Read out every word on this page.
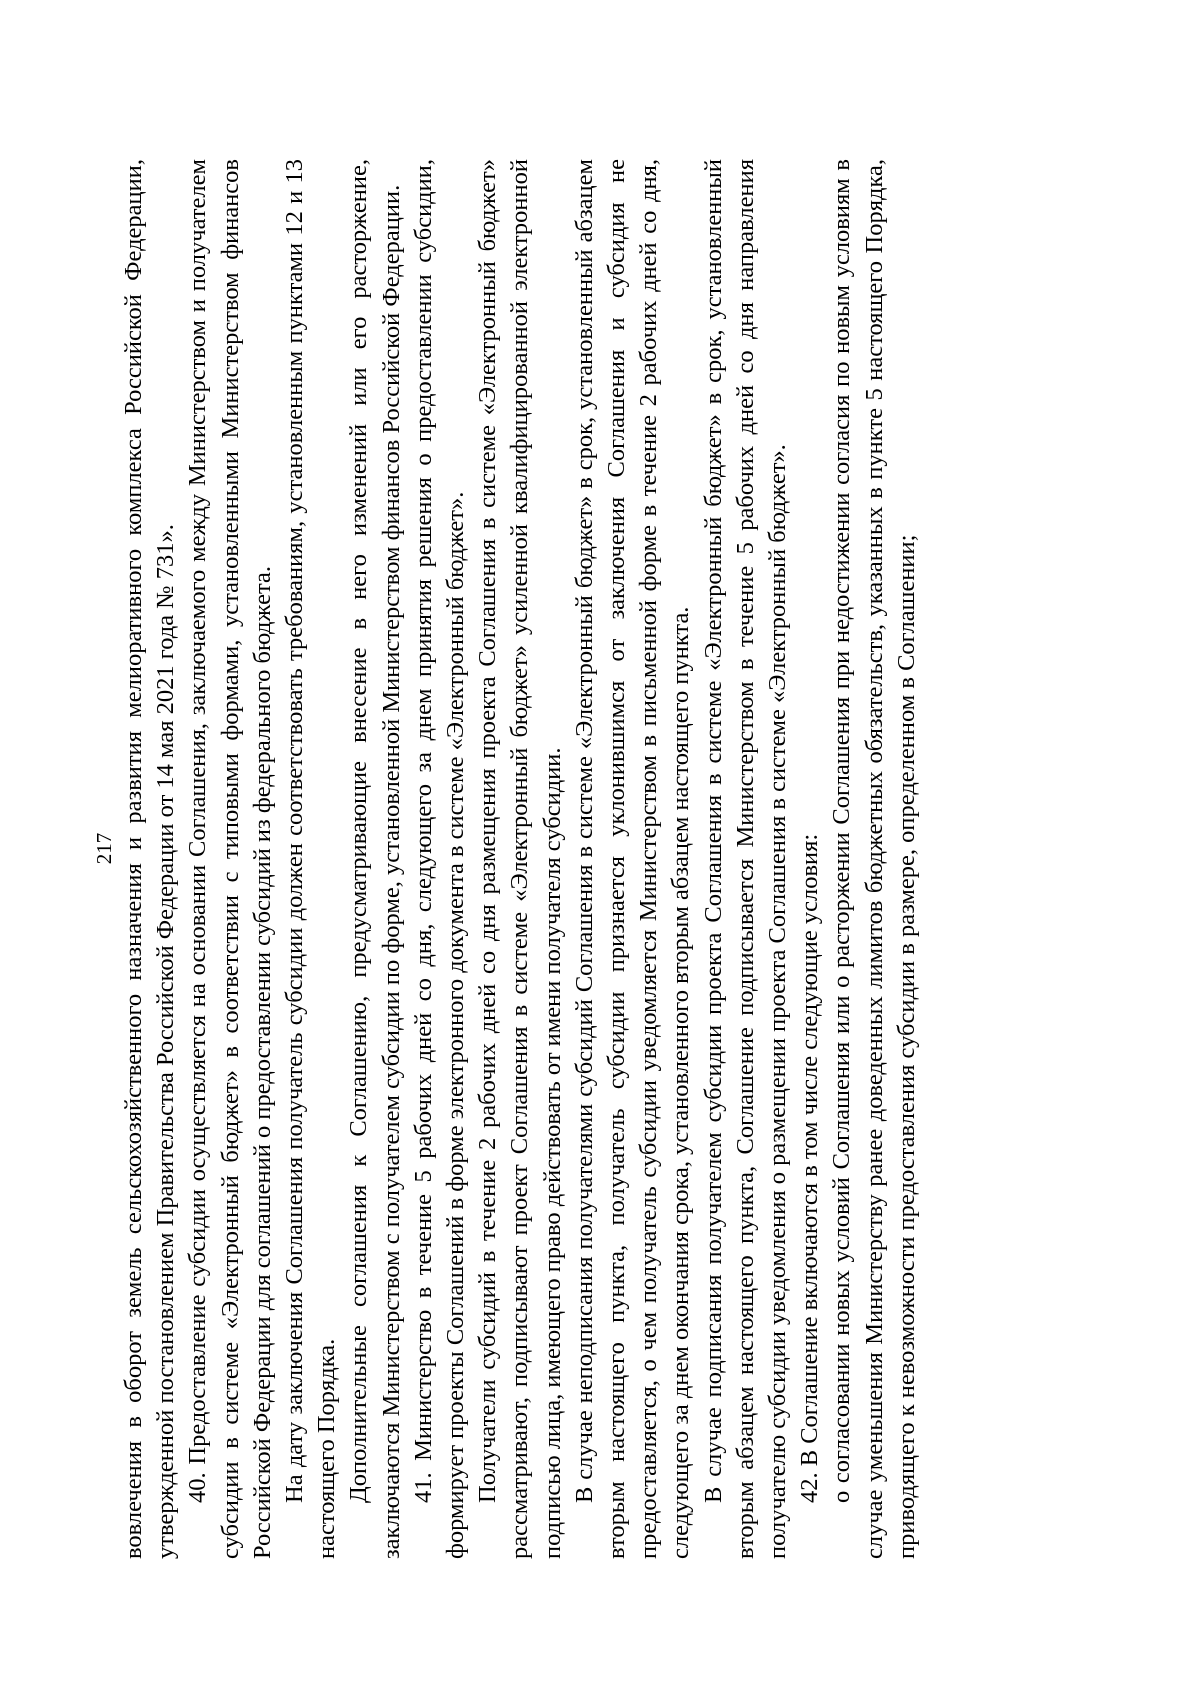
217 вовлечения в оборот земель сельскохозяйственного назначения и развития мелиоративного комплекса Российской Федерации, утвержденной постановлением Правительства Российской Федерации от 14 мая 2021 года № 731». 40. Предоставление субсидии осуществляется на основании Соглашения, заключаемого между Министерством и получателем субсидии в системе «Электронный бюджет» в соответствии с типовыми формами, установленными Министерством финансов Российской Федерации для соглашений о предоставлении субсидий из федерального бюджета. На дату заключения Соглашения получатель субсидии должен соответствовать требованиям, установленным пунктами 12 и 13 настоящего Порядка. Дополнительные соглашения к Соглашению, предусматривающие внесение в него изменений или его расторжение, заключаются Министерством с получателем субсидии по форме, установленной Министерством финансов Российской Федерации. 41. Министерство в течение 5 рабочих дней со дня, следующего за днем принятия решения о предоставлении субсидии, формирует проекты Соглашений в форме электронного документа в системе «Электронный бюджет». Получатели субсидий в течение 2 рабочих дней со дня размещения проекта Соглашения в системе «Электронный бюджет» рассматривают, подписывают проект Соглашения в системе «Электронный бюджет» усиленной квалифицированной электронной подписью лица, имеющего право действовать от имени получателя субсидии. В случае неподписания получателями субсидий Соглашения в системе «Электронный бюджет» в срок, установленный абзацем вторым настоящего пункта, получатель субсидии признается уклонившимся от заключения Соглашения и субсидия не предоставляется, о чем получатель субсидии уведомляется Министерством в письменной форме в течение 2 рабочих дней со дня, следующего за днем окончания срока, установленного вторым абзацем настоящего пункта. В случае подписания получателем субсидии проекта Соглашения в системе «Электронный бюджет» в срок, установленный вторым абзацем настоящего пункта, Соглашение подписывается Министерством в течение 5 рабочих дней со дня направления получателю субсидии уведомления о размещении проекта Соглашения в системе «Электронный бюджет». 42. В Соглашение включаются в том числе следующие условия: о согласовании новых условий Соглашения или о расторжении Соглашения при недостижении согласия по новым условиям в случае уменьшения Министерству ранее доведенных лимитов бюджетных обязательств, указанных в пункте 5 настоящего Порядка, приводящего к невозможности предоставления субсидии в размере, определенном в Соглашении;
